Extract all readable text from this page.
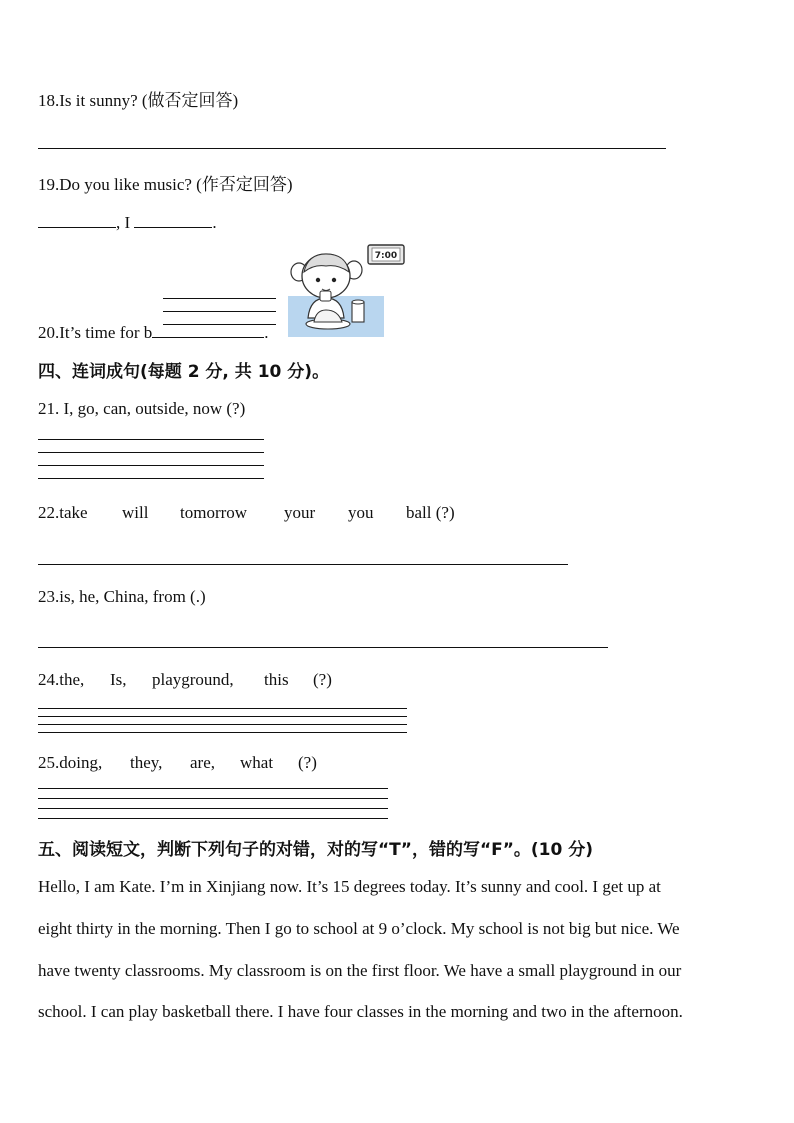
18.Is it sunny? (做否定回答)
19.Do you like music? (作否定回答)
, I	.
20.It’s time for b	.
7:00
四、连词成句(每题 2 分, 共 10 分)。
21. I, go, can, outside, now (?)
22.take will tomorrow your you ball (?)
23.is, he, China, from (.)
24.the, Is, playground, this (?)
25.doing, they, are, what (?)
五、阅读短文，判断下列句子的对错，对的写“T”，错的写“F”。(10 分)
Hello, I am Kate. I’m in Xinjiang now. It’s 15 degrees today. It’s sunny and cool. I get up at
eight thirty in the morning. Then I go to school at 9 o’clock. My school is not big but nice. We
have twenty classrooms. My classroom is on the first floor. We have a small playground in our
school. I can play basketball there. I have four classes in the morning and two in the afternoon.
